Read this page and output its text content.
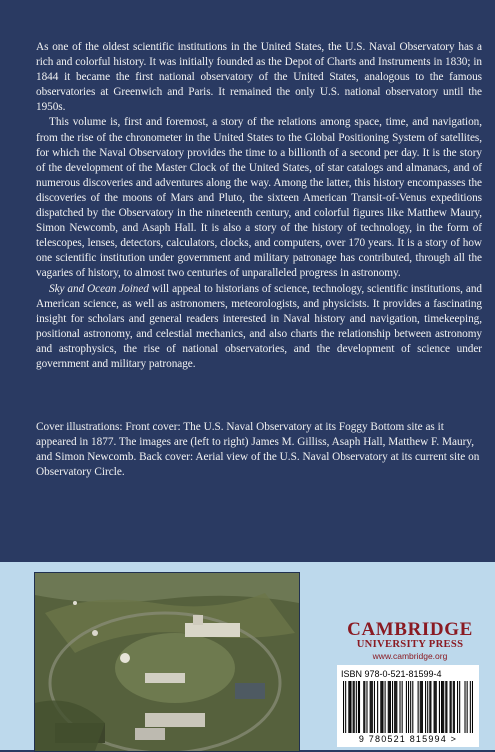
As one of the oldest scientific institutions in the United States, the U.S. Naval Observatory has a rich and colorful history. It was initially founded as the Depot of Charts and Instruments in 1830; in 1844 it became the first national observatory of the United States, analogous to the famous observatories at Greenwich and Paris. It remained the only U.S. national observatory until the 1950s.

This volume is, first and foremost, a story of the relations among space, time, and navigation, from the rise of the chronometer in the United States to the Global Positioning System of satellites, for which the Naval Observatory provides the time to a billionth of a second per day. It is the story of the development of the Master Clock of the United States, of star catalogs and almanacs, and of numerous discoveries and adventures along the way. Among the latter, this history encompasses the discoveries of the moons of Mars and Pluto, the sixteen American Transit-of-Venus expeditions dispatched by the Observatory in the nineteenth century, and colorful figures like Matthew Maury, Simon Newcomb, and Asaph Hall. It is also a story of the history of technology, in the form of telescopes, lenses, detectors, calculators, clocks, and computers, over 170 years. It is a story of how one scientific institution under government and military patronage has contributed, through all the vagaries of history, to almost two centuries of unparalleled progress in astronomy.

Sky and Ocean Joined will appeal to historians of science, technology, scientific institutions, and American science, as well as astronomers, meteorologists, and physicists. It provides a fascinating insight for scholars and general readers interested in Naval history and navigation, timekeeping, positional astronomy, and celestial mechanics, and also charts the relationship between astronomy and astrophysics, the rise of national observatories, and the development of science under government and military patronage.

Cover illustrations: Front cover: The U.S. Naval Observatory at its Foggy Bottom site as it appeared in 1877. The images are (left to right) James M. Gilliss, Asaph Hall, Matthew F. Maury, and Simon Newcomb. Back cover: Aerial view of the U.S. Naval Observatory at its current site on Observatory Circle.
CAMBRIDGE
UNIVERSITY PRESS
www.cambridge.org
ISBN 978-0-521-81599-4
9 780521 815994 >
